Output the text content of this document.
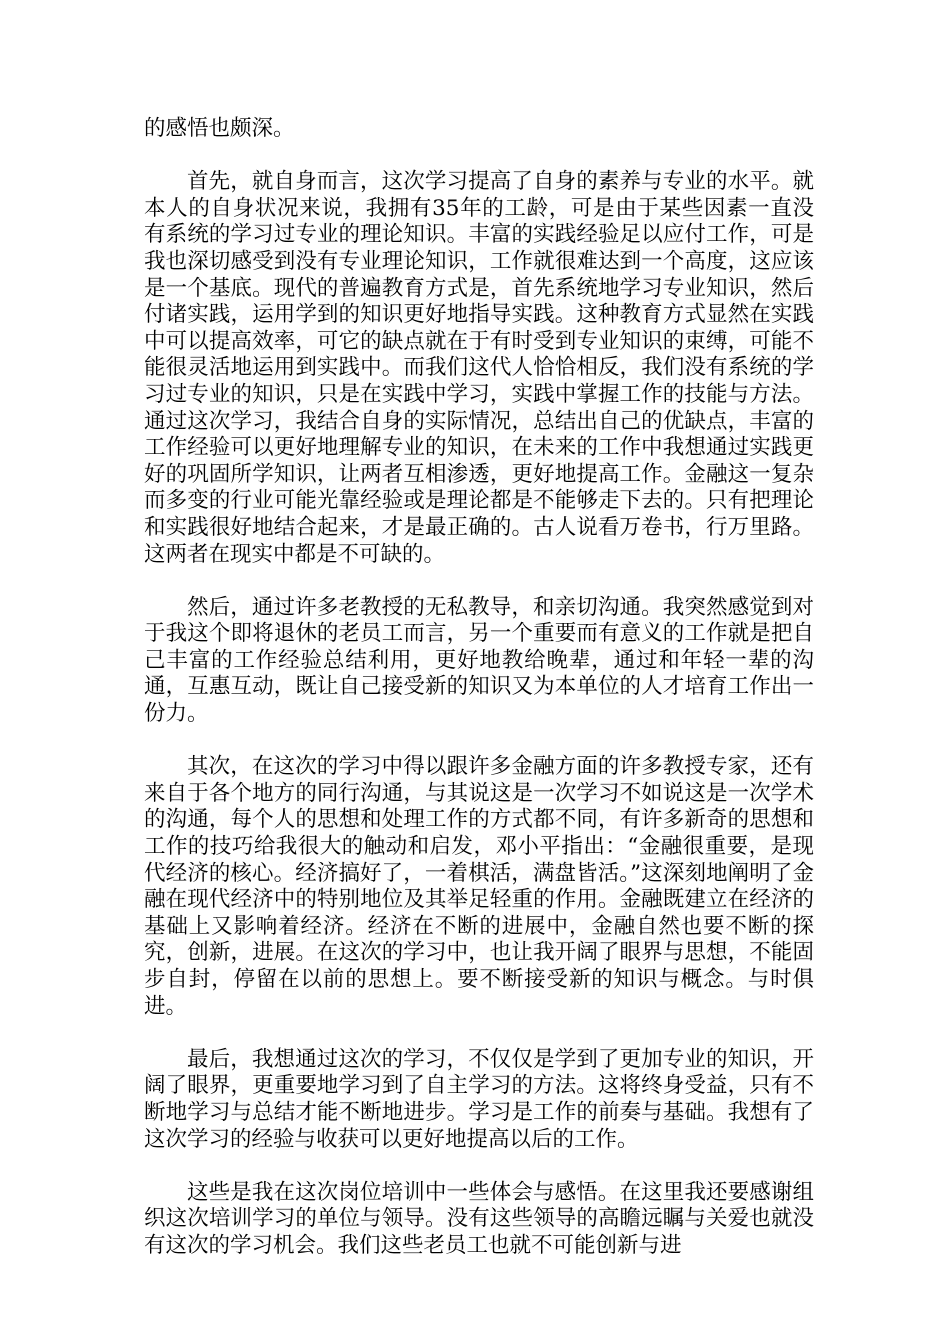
的感悟也颇深。

首先，就自身而言，这次学习提高了自身的素养与专业的水平。就本人的自身状况来说，我拥有35年的工龄，可是由于某些因素一直没有系统的学习过专业的理论知识。丰富的实践经验足以应付工作，可是我也深切感受到没有专业理论知识，工作就很难达到一个高度，这应该是一个基底。现代的普遍教育方式是，首先系统地学习专业知识，然后付诸实践，运用学到的知识更好地指导实践。这种教育方式显然在实践中可以提高效率，可它的缺点就在于有时受到专业知识的束缚，可能不能很灵活地运用到实践中。而我们这代人恰恰相反，我们没有系统的学习过专业的知识，只是在实践中学习，实践中掌握工作的技能与方法。通过这次学习，我结合自身的实际情况，总结出自己的优缺点，丰富的工作经验可以更好地理解专业的知识，在未来的工作中我想通过实践更好的巩固所学知识，让两者互相渗透，更好地提高工作。金融这一复杂而多变的行业可能光靠经验或是理论都是不能够走下去的。只有把理论和实践很好地结合起来，才是最正确的。古人说看万卷书，行万里路。这两者在现实中都是不可缺的。

然后，通过许多老教授的无私教导，和亲切沟通。我突然感觉到对于我这个即将退休的老员工而言，另一个重要而有意义的工作就是把自己丰富的工作经验总结利用，更好地教给晚辈，通过和年轻一辈的沟通，互惠互动，既让自己接受新的知识又为本单位的人才培育工作出一份力。

其次，在这次的学习中得以跟许多金融方面的许多教授专家，还有来自于各个地方的同行沟通，与其说这是一次学习不如说这是一次学术的沟通，每个人的思想和处理工作的方式都不同，有许多新奇的思想和工作的技巧给我很大的触动和启发，邓小平指出：“金融很重要，是现代经济的核心。经济搞好了，一着棋活，满盘皆活。”这深刻地阐明了金融在现代经济中的特别地位及其举足轻重的作用。金融既建立在经济的基础上又影响着经济。经济在不断的进展中，金融自然也要不断的探究，创新，进展。在这次的学习中，也让我开阔了眼界与思想，不能固步自封，停留在以前的思想上。要不断接受新的知识与概念。与时俱进。

最后，我想通过这次的学习，不仅仅是学到了更加专业的知识，开阔了眼界，更重要地学习到了自主学习的方法。这将终身受益，只有不断地学习与总结才能不断地进步。学习是工作的前奏与基础。我想有了这次学习的经验与收获可以更好地提高以后的工作。

这些是我在这次岗位培训中一些体会与感悟。在这里我还要感谢组织这次培训学习的单位与领导。没有这些领导的高瞻远瞩与关爱也就没有这次的学习机会。我们这些老员工也就不可能创新与进
